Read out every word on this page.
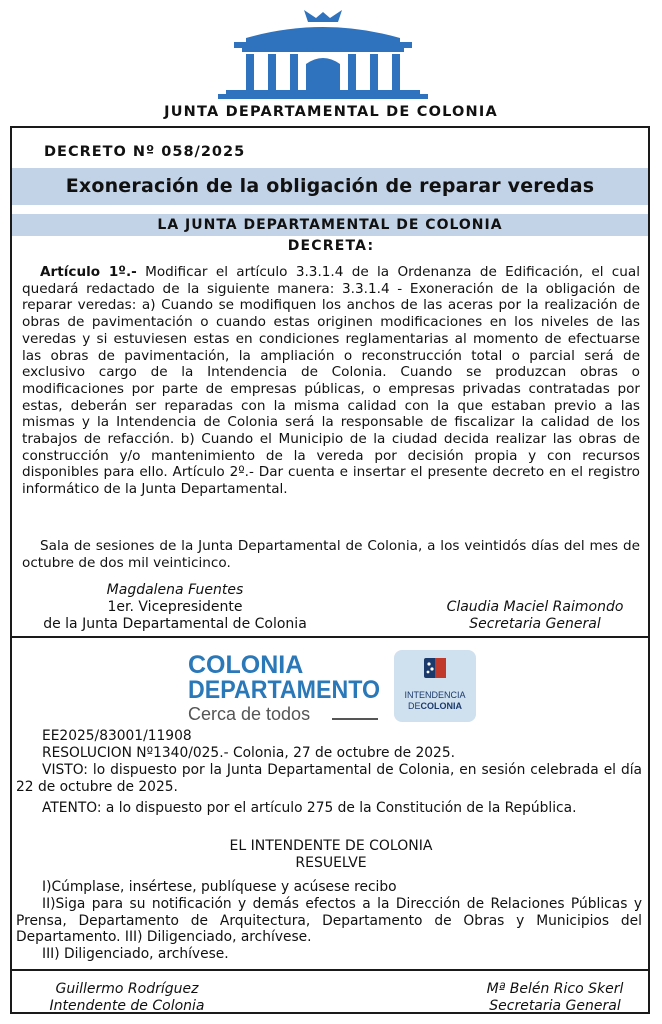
JUNTA DEPARTAMENTAL DE COLONIA
DECRETO Nº 058/2025
Exoneración de la obligación de reparar veredas
LA JUNTA DEPARTAMENTAL DE COLONIA
DECRETA:
Artículo 1º.- Modificar el artículo 3.3.1.4 de la Ordenanza de Edificación, el cual quedará redactado de la siguiente manera: 3.3.1.4 - Exoneración de la obligación de reparar veredas: a) Cuando se modifiquen los anchos de las aceras por la realización de obras de pavimentación o cuando estas originen modificaciones en los niveles de las veredas y si estuviesen estas en condiciones reglamentarias al momento de efectuarse las obras de pavimentación, la ampliación o reconstrucción total o parcial será de exclusivo cargo de la Intendencia de Colonia. Cuando se produzcan obras o modificaciones por parte de empresas públicas, o empresas privadas contratadas por estas, deberán ser reparadas con la misma calidad con la que estaban previo a las mismas y la Intendencia de Colonia será la responsable de fiscalizar la calidad de los trabajos de refacción. b) Cuando el Municipio de la ciudad decida realizar las obras de construcción y/o mantenimiento de la vereda por decisión propia y con recursos disponibles para ello. Artículo 2º.- Dar cuenta e insertar el presente decreto en el registro informático de la Junta Departamental.
Sala de sesiones de la Junta Departamental de Colonia, a los veintidós días del mes de octubre de dos mil veinticinco.
Magdalena Fuentes
1er. Vicepresidente
de la Junta Departamental de Colonia
Claudia Maciel Raimondo
Secretaria General
COLONIA
DEPARTAMENTO
Cerca de todos
INTENDENCIA
DECOLONIA
EE2025/83001/11908
RESOLUCION Nº1340/025.- Colonia, 27 de octubre de 2025.
VISTO: lo dispuesto por la Junta Departamental de Colonia, en sesión celebrada el día 22 de octubre de 2025.
ATENTO: a lo dispuesto por el artículo 275 de la Constitución de la República.
EL INTENDENTE DE COLONIA
RESUELVE
I)Cúmplase, insértese, publíquese y acúsese recibo
II)Siga para su notificación y demás efectos a la Dirección de Relaciones Públicas y Prensa, Departamento de Arquitectura, Departamento de Obras y Municipios del Departamento. III) Diligenciado, archívese.
III) Diligenciado, archívese.
Guillermo Rodríguez
Intendente de Colonia
Mª Belén Rico Skerl
Secretaria General
